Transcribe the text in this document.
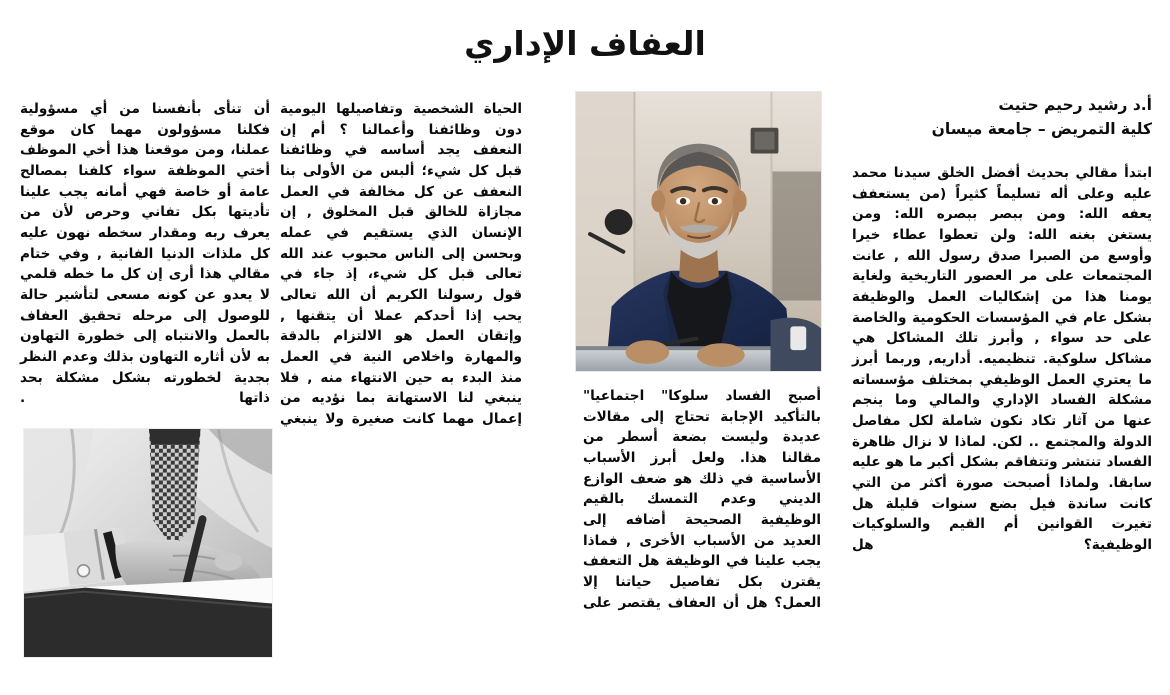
العفاف الإداري
أ.د رشيد رحيم حتيت
كلية التمريض – جامعة ميسان

ابتدأ مقالي بحديث أفضل الخلق سيدنا محمد عليه وعلى أله تسليماً كثيراً (من يستعفف يعفه الله: ومن ببصر ببصره الله: ومن يستغن بغنه الله: ولن تعطوا عطاء خيرا وأوسع من الصبرا صدق رسول الله , عانت المجتمعات على مر العصور التاريخية ولغاية يومنا هذا من إشكاليات العمل والوظيفة بشكل عام في المؤسسات الحكومية والخاصة على حد سواء , وأبرز تلك المشاكل هي مشاكل سلوكية. تنظيميه. أداريه, وربما أبرز ما يعتري العمل الوظيفي بمختلف مؤسساته مشكلة الفساد الإداري والمالي وما ينجم عنها من آثار تكاد نكون شاملة لكل مفاصل الدولة والمجتمع .. لكن. لماذا لا نزال ظاهرة الفساد تنتشر وتتفاقم بشكل أكبر ما هو عليه سابقا. ولماذا أصبحت صورة أكثر من التي كانت ساندة فيل بضع سنوات قليلة هل تغيرت القوانين أم القيم والسلوكيات الوظيفية؟ هل

أصبح الفساد سلوكا" اجتماعيا" بالتأكيد الإجابة تحتاج إلى مقالات عديدة وليست بضعة أسطر من مقالنا هذا. ولعل أبرز الأسباب الأساسية في ذلك هو ضعف الوازع الديني وعدم التمسك بالقيم الوظيفية الصحيحة أضافه إلى العديد من الأسباب الأخرى , فماذا يجب علينا في الوظيفة هل التعفف يقترن بكل تفاصيل حياتنا إلا العمل؟ هل أن العفاف يقتصر على

الحياة الشخصية وتفاصيلها اليومية دون وظائفنا وأعمالنا ؟ أم إن النعفف يجد أساسه في وظائفنا قبل كل شيء؛ ألبس من الأولى بنا النعفف عن كل مخالفة في العمل مجازاة للخالق قبل المخلوق , إن الإنسان الذي يستقيم في عمله وبحسن إلى الناس محبوب عند الله تعالى قبل كل شيء، إذ جاء في قول رسولنا الكريم أن الله تعالى يحب إذا أحدكم عملا أن يتقنها , وإتقان العمل هو الالتزام بالدقة والمهارة واخلاص النية في العمل منذ البدء به حين الانتهاء منه , فلا ينبغي لنا الاستهانة بما نؤديه من إعمال مهما كانت صغيرة ولا ينبغي

أن تنأى بأنفسنا من أي مسؤولية فكلنا مسؤولون مهما كان موقع عملنا، ومن موقعنا هذا أخي الموظف أختي الموظفة سواء كلفنا بمصالح عامة أو خاصة فهي أمانه يجب علينا تأديتها بكل تفاني وحرص لأن من يعرف ربه ومقدار سخطه نهون عليه كل ملذات الدنيا الفانية , وفي ختام مقالي هذا أرى إن كل ما خطه قلمي لا يعدو عن كونه مسعى لتأشير حالة للوصول إلى مرحله تحقيق العفاف بالعمل والانتباه إلى خطورة التهاون به لأن أثاره التهاون بذلك وعدم النظر بجدية لخطورته بشكل مشكلة بحد ذاتها .
